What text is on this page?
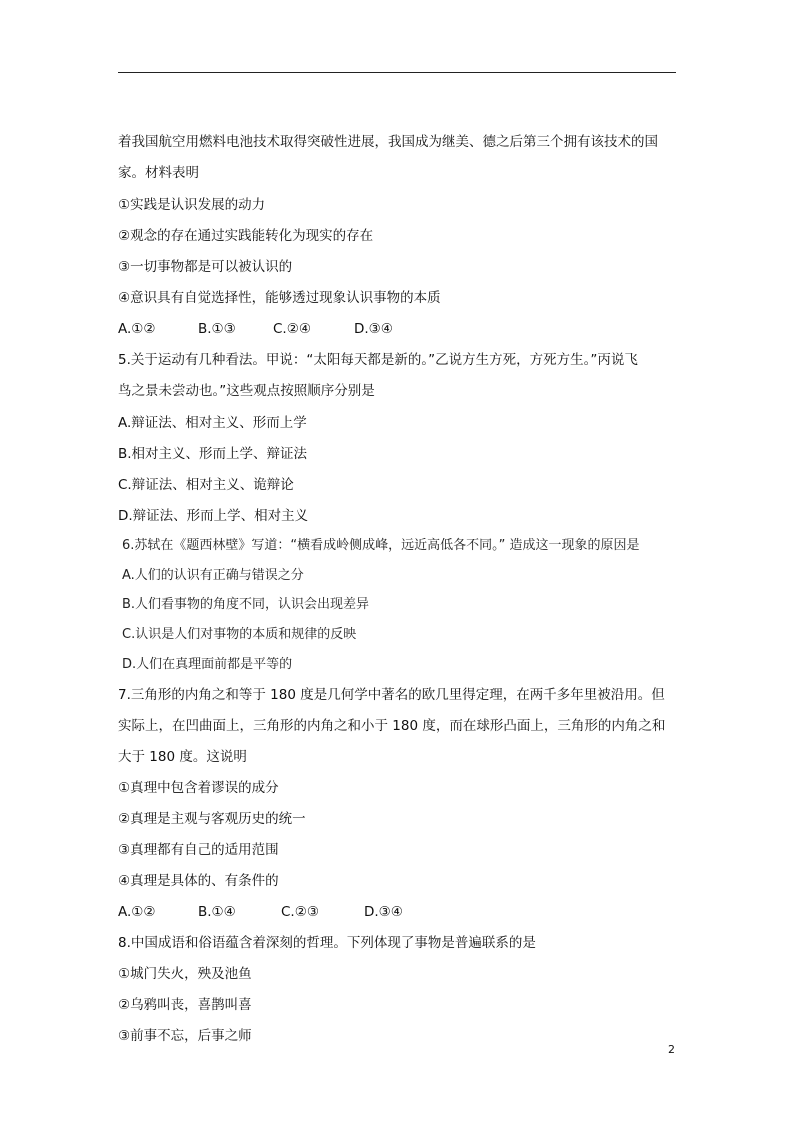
着我国航空用燃料电池技术取得突破性进展，我国成为继美、德之后第三个拥有该技术的国
家。材料表明
①实践是认识发展的动力
②观念的存在通过实践能转化为现实的存在
③一切事物都是可以被认识的
④意识具有自觉选择性，能够透过现象认识事物的本质
A.①②	B.①③	C.②④	D.③④
5.关于运动有几种看法。甲说：“太阳每天都是新的。”乙说方生方死，方死方生。”丙说飞
鸟之景未尝动也。”这些观点按照顺序分别是
A.辩证法、相对主义、形而上学
B.相对主义、形而上学、辩证法
C.辩证法、相对主义、诡辩论
D.辩证法、形而上学、相对主义
6.苏轼在《题西林壁》写道：“横看成岭侧成峰，远近高低各不同。” 造成这一现象的原因是
A.人们的认识有正确与错误之分
B.人们看事物的角度不同，认识会出现差异
C.认识是人们对事物的本质和规律的反映
D.人们在真理面前都是平等的
7.三角形的内角之和等于 180 度是几何学中著名的欧几里得定理，在两千多年里被沿用。但
实际上，在凹曲面上，三角形的内角之和小于 180 度，而在球形凸面上，三角形的内角之和
大于 180 度。这说明
①真理中包含着谬误的成分
②真理是主观与客观历史的统一
③真理都有自己的适用范围
④真理是具体的、有条件的
A.①②	B.①④	C.②③	D.③④
8.中国成语和俗语蕴含着深刻的哲理。下列体现了事物是普遍联系的是
①城门失火，殃及池鱼
②乌鸦叫丧，喜鹊叫喜
③前事不忘，后事之师
2
